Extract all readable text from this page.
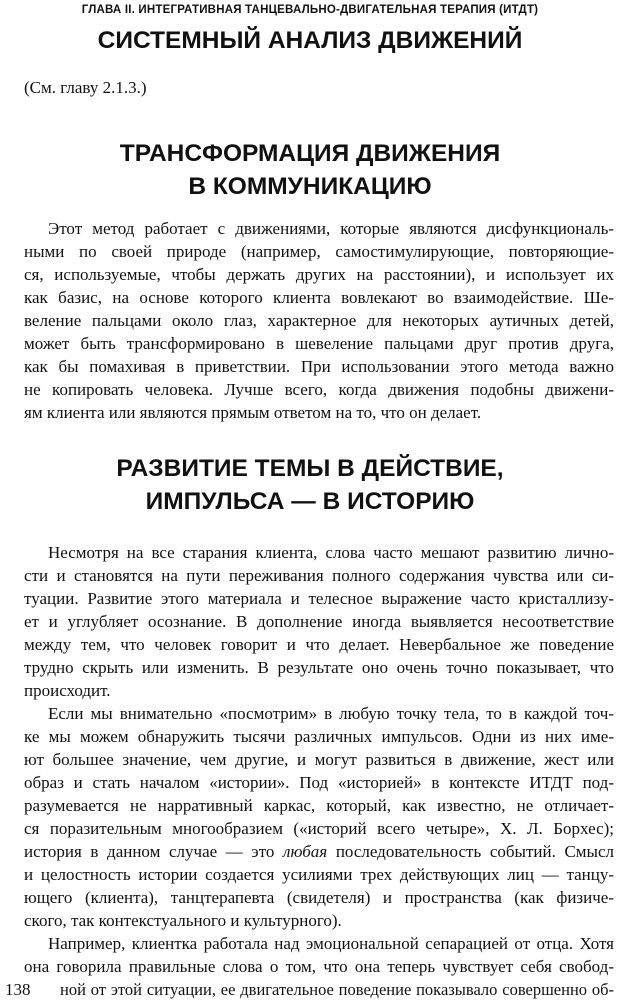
ГЛАВА II. ИНТЕГРАТИВНАЯ ТАНЦЕВАЛЬНО-ДВИГАТЕЛЬНАЯ ТЕРАПИЯ (ИТДТ)
СИСТЕМНЫЙ АНАЛИЗ ДВИЖЕНИЙ
(См. главу 2.1.3.)
ТРАНСФОРМАЦИЯ ДВИЖЕНИЯ
В КОММУНИКАЦИЮ
Этот метод работает с движениями, которые являются дисфункциональ-
ными по своей природе (например, самостимулирующие, повторяющие-
ся, используемые, чтобы держать других на расстоянии), и использует их
как базис, на основе которого клиента вовлекают во взаимодействие. Ше-
веление пальцами около глаз, характерное для некоторых аутичных детей,
может быть трансформировано в шевеление пальцами друг против друга,
как бы помахивая в приветствии. При использовании этого метода важно
не копировать человека. Лучше всего, когда движения подобны движени-
ям клиента или являются прямым ответом на то, что он делает.
РАЗВИТИЕ ТЕМЫ В ДЕЙСТВИЕ,
ИМПУЛЬСА — В ИСТОРИЮ
Несмотря на все старания клиента, слова часто мешают развитию лично-
сти и становятся на пути переживания полного содержания чувства или си-
туации. Развитие этого материала и телесное выражение часто кристаллизу-
ет и углубляет осознание. В дополнение иногда выявляется несоответствие
между тем, что человек говорит и что делает. Невербальное же поведение
трудно скрыть или изменить. В результате оно очень точно показывает, что
происходит.
Если мы внимательно «посмотрим» в любую точку тела, то в каждой точ-
ке мы можем обнаружить тысячи различных импульсов. Одни из них име-
ют большее значение, чем другие, и могут развиться в движение, жест или
образ и стать началом «истории». Под «историей» в контексте ИТДТ под-
разумевается не нарративный каркас, который, как известно, не отличает-
ся поразительным многообразием («историй всего четыре», Х. Л. Борхес);
история в данном случае — это любая последовательность событий. Смысл
и целостность истории создается усилиями трех действующих лиц — танцу-
ющего (клиента), танцтерапевта (свидетеля) и пространства (как физиче-
ского, так контекстуального и культурного).
Например, клиентка работала над эмоциональной сепарацией от отца. Хотя
она говорила правильные слова о том, что она теперь чувствует себя свобод-
ной от этой ситуации, ее двигательное поведение показывало совершенно об-
138
